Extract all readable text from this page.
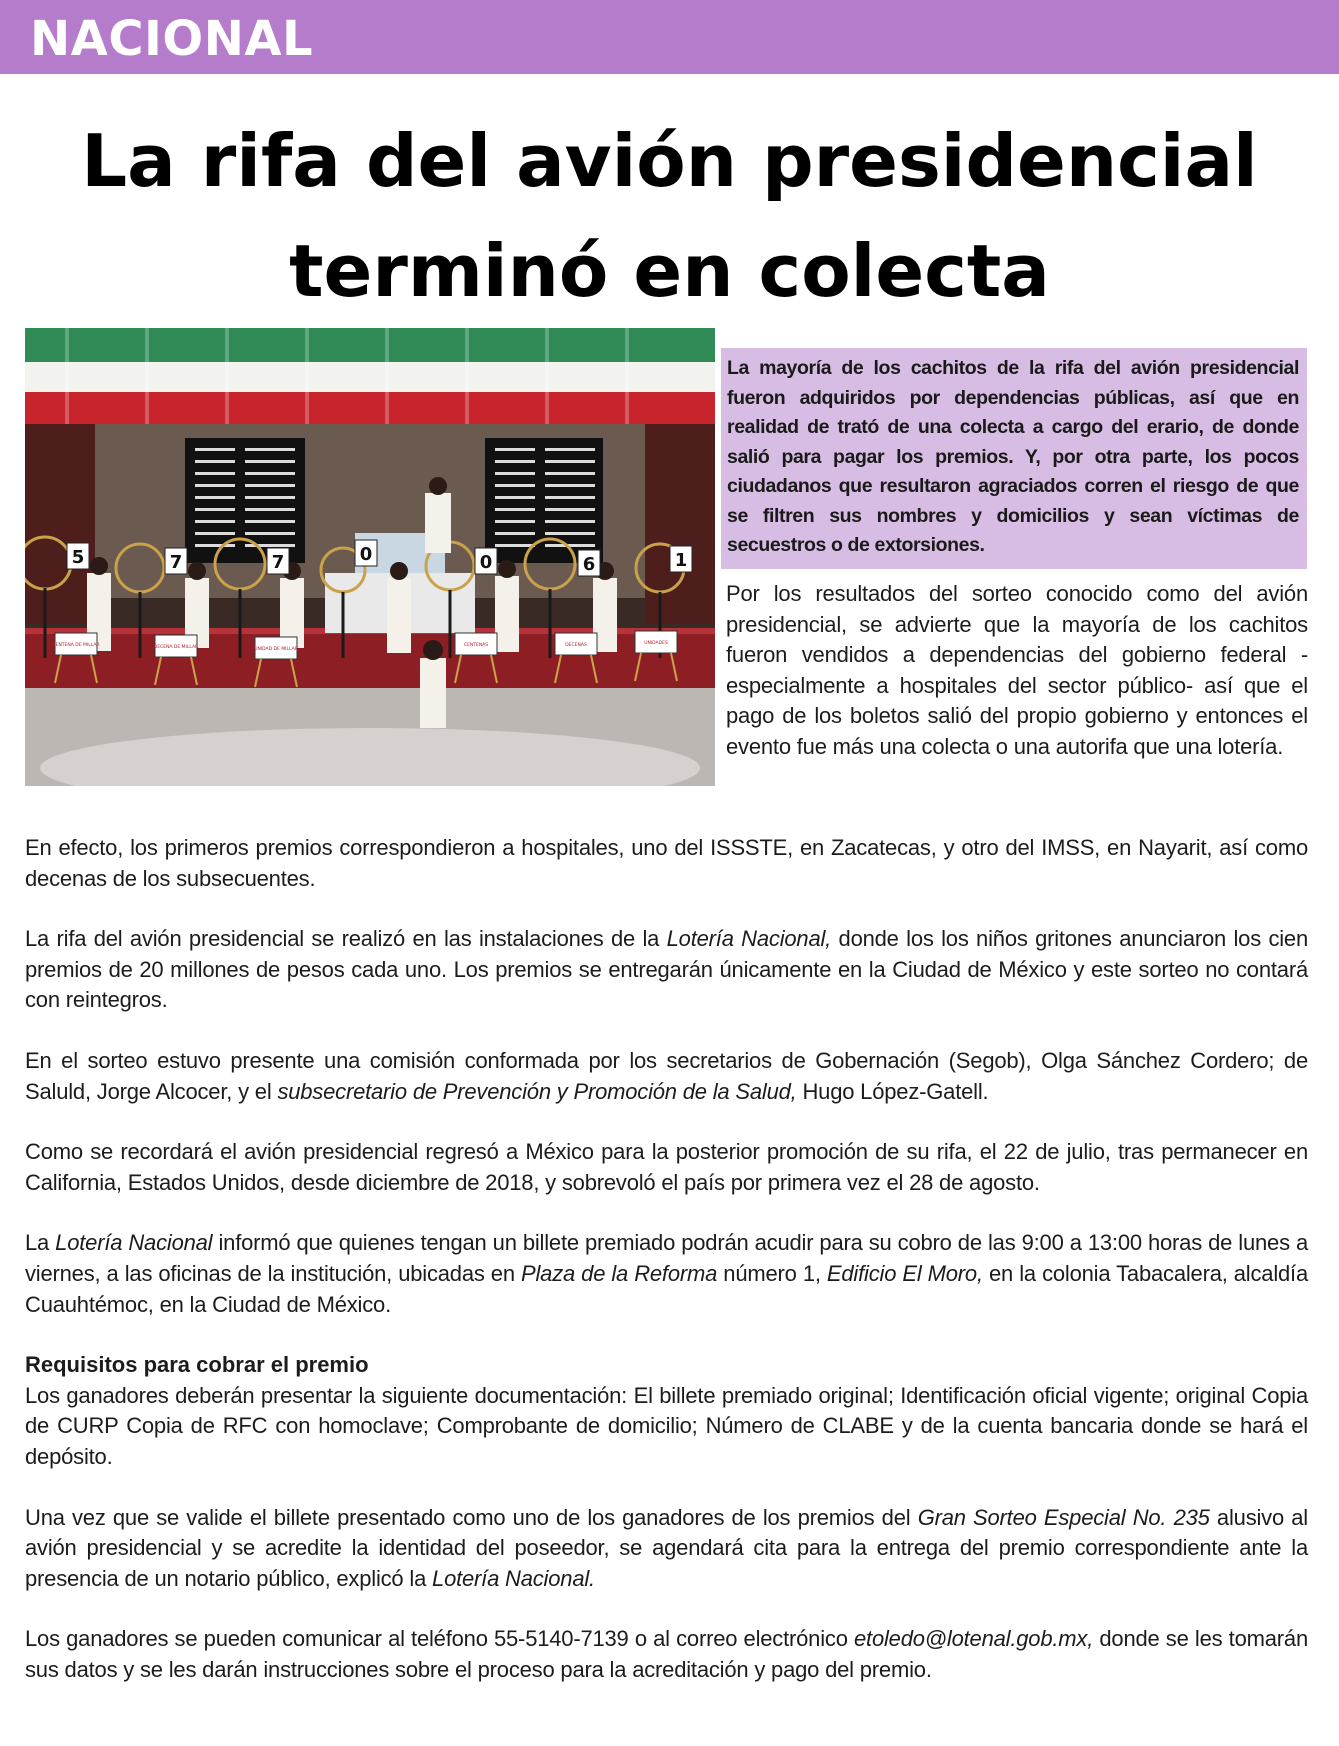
NACIONAL
La rifa del avión presidencial terminó en colecta
5	7	7	0	0	6	1
CENTENA DE MILLAR	DECENA DE MILLAR	UNIDAD DE MILLAR
CENTENAS	DECENAS	UNIDADES

La mayoría de los cachitos de la rifa del avión presidencial fueron adquiridos por dependencias públicas, así que en realidad de trató de una colecta a cargo del erario, de donde salió para pagar los premios. Y, por otra parte, los pocos ciudadanos que resultaron agraciados corren el riesgo de que se filtren sus nombres y domicilios y sean víctimas de secuestros o de extorsiones.

Por los resultados del sorteo conocido como del avión presidencial, se advierte que la mayoría de los cachitos fueron vendidos a dependencias del gobierno federal -especialmente a hospitales del sector público- así que el pago de los boletos salió del propio gobierno y entonces el evento fue más una colecta o una autorifa que una lotería.

En efecto, los primeros premios correspondieron a hospitales, uno del ISSSTE, en Zacatecas, y otro del IMSS, en Nayarit, así como decenas de los subsecuentes.

La rifa del avión presidencial se realizó en las instalaciones de la Lotería Nacional, donde los los niños gritones anunciaron los cien premios de 20 millones de pesos cada uno. Los premios se entregarán únicamente en la Ciudad de México y este sorteo no contará con reintegros.

En el sorteo estuvo presente una comisión conformada por los secretarios de Gobernación (Segob), Olga Sánchez Cordero; de Saluld, Jorge Alcocer, y el subsecretario de Prevención y Promoción de la Salud, Hugo López-Gatell.

Como se recordará el avión presidencial regresó a México para la posterior promoción de su rifa, el 22 de julio, tras permanecer en California, Estados Unidos, desde diciembre de 2018, y sobrevoló el país por primera vez el 28 de agosto.

La Lotería Nacional informó que quienes tengan un billete premiado podrán acudir para su cobro de las 9:00 a 13:00 horas de lunes a viernes, a las oficinas de la institución, ubicadas en Plaza de la Reforma número 1, Edificio El Moro, en la colonia Tabacalera, alcaldía Cuauhtémoc, en la Ciudad de México.

Requisitos para cobrar el premio

Los ganadores deberán presentar la siguiente documentación: El billete premiado original; Identificación oficial vigente; original Copia de CURP Copia de RFC con homoclave; Comprobante de domicilio; Número de CLABE y de la cuenta bancaria donde se hará el depósito.

Una vez que se valide el billete presentado como uno de los ganadores de los premios del Gran Sorteo Especial No. 235 alusivo al avión presidencial y se acredite la identidad del poseedor, se agendará cita para la entrega del premio correspondiente ante la presencia de un notario público, explicó la Lotería Nacional.

Los ganadores se pueden comunicar al teléfono 55-5140-7139 o al correo electrónico etoledo@lotenal.gob.mx, donde se les tomarán sus datos y se les darán instrucciones sobre el proceso para la acreditación y pago del premio.
